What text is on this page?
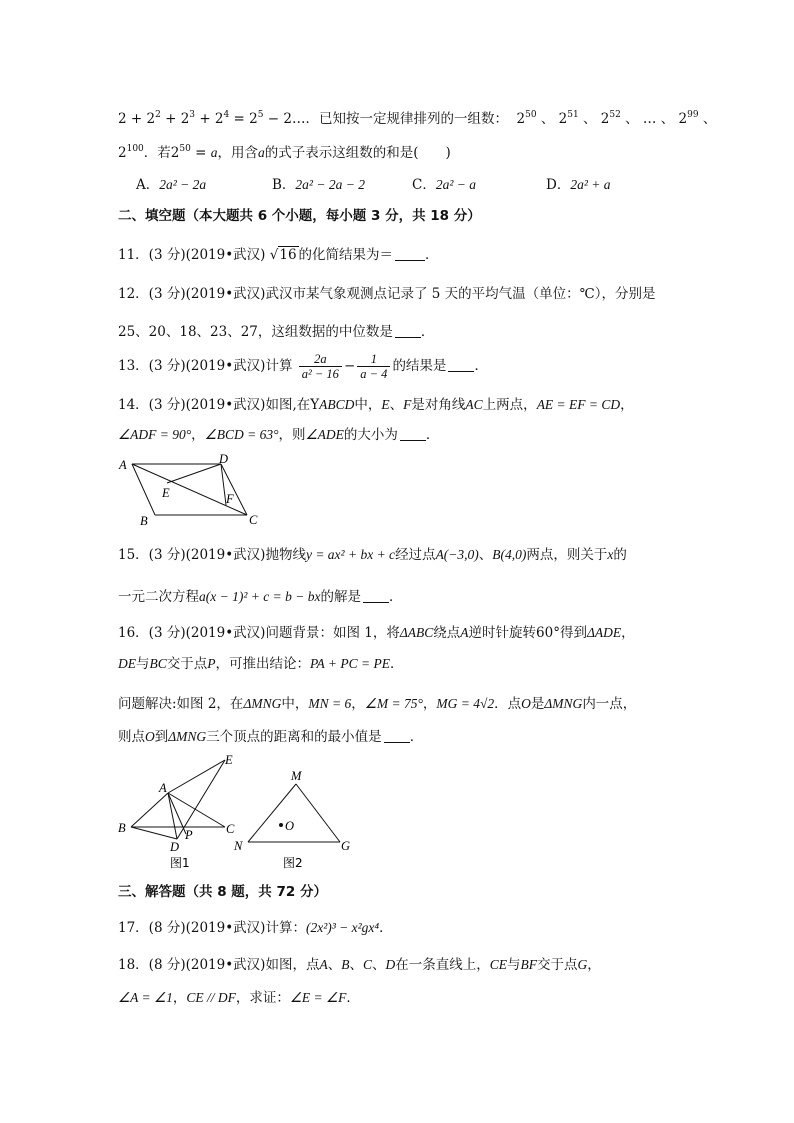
$2 + 2^2 + 2^3 + 2^4 = 2^5$ − 2…．已知按一定规律排列的一组数：  $2^{50}$ 、 $2^{51}$ 、 $2^{52}$ 、 … 、 $2^{99}$ 、
$2^{100}$．若$2^{50} = a$，用含a的式子表示这组数的和是(　　)
A．2a² − 2a	B．2a² − 2a − 2	C．2a² − a	D．2a² + a
二、填空题（本大题共 6 个小题，每小题 3 分，共 18 分）
11．(3 分)(2019•武汉) √16 的化简结果为＝ ．
12．(3 分)(2019•武汉)武汉市某气象观测点记录了 5 天的平均气温（单位：℃），分别是
25、20、18、23、27，这组数据的中位数是 ．
13．(3 分)(2019•武汉)计算 $\frac{2a}{\text{a² − 16}} - \frac{1}{a - 4}$ 的结果是 ．
14．(3 分)(2019•武汉)如图,在YABCD中，E、F是对角线AC上两点，AE = EF = CD，
∠ADF = 90°，∠BCD = 63°，则∠ADE的大小为 ．
A	D
E	F
B	C
15．(3 分)(2019•武汉)抛物线y = ax² + bx + c经过点A(−3,0)、B(4,0)两点，则关于x的
一元二次方程a(x − 1)² + c = b − bx的解是 ．
16．(3 分)(2019•武汉)问题背景：如图 1，将ΔABC绕点A逆时针旋转60°得到ΔADE，
DE与BC交于点P，可推出结论：PA + PC = PE．
问题解决:如图 2，在ΔMNG中，MN = 6，∠M = 75°，MG = 4√2．点O是ΔMNG内一点，
则点O到ΔMNG三个顶点的距离和的最小值是 ．
A
B	C
D
E
P
图1
M
N	G
O
图2
三、解答题（共 8 题，共 72 分）
17．(8 分)(2019•武汉)计算：(2x²)³ − x²gx⁴．
18．(8 分)(2019•武汉)如图，点A、B、C、D在一条直线上，CE与BF交于点G，
∠A = ∠1，CE // DF，求证：∠E = ∠F．
